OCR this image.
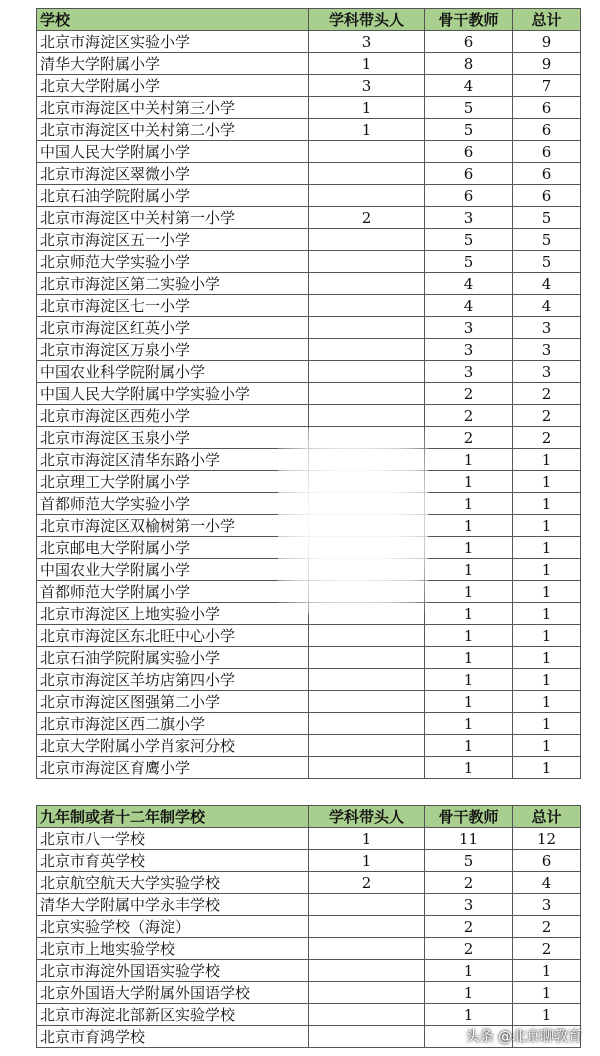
学校	学科带头人	骨干教师	总计
北京市海淀区实验小学	3	6	9
清华大学附属小学	1	8	9
北京大学附属小学	3	4	7
北京市海淀区中关村第三小学	1	5	6
北京市海淀区中关村第二小学	1	5	6
中国人民大学附属小学		6	6
北京市海淀区翠微小学		6	6
北京石油学院附属小学		6	6
北京市海淀区中关村第一小学	2	3	5
北京市海淀区五一小学		5	5
北京师范大学实验小学		5	5
北京市海淀区第二实验小学		4	4
北京市海淀区七一小学		4	4
北京市海淀区红英小学		3	3
北京市海淀区万泉小学		3	3
中国农业科学院附属小学		3	3
中国人民大学附属中学实验小学		2	2
北京市海淀区西苑小学		2	2
北京市海淀区玉泉小学		2	2
北京市海淀区清华东路小学		1	1
北京理工大学附属小学		1	1
首都师范大学实验小学		1	1
北京市海淀区双榆树第一小学		1	1
北京邮电大学附属小学		1	1
中国农业大学附属小学		1	1
首都师范大学附属小学		1	1
北京市海淀区上地实验小学		1	1
北京市海淀区东北旺中心小学		1	1
北京石油学院附属实验小学		1	1
北京市海淀区羊坊店第四小学		1	1
北京市海淀区图强第二小学		1	1
北京市海淀区西二旗小学		1	1
北京大学附属小学肖家河分校		1	1
北京市海淀区育鹰小学		1	1
九年制或者十二年制学校	学科带头人	骨干教师	总计
北京市八一学校	1	11	12
北京市育英学校	1	5	6
北京航空航天大学实验学校	2	2	4
清华大学附属中学永丰学校		3	3
北京实验学校（海淀）		2	2
北京市上地实验学校		2	2
北京市海淀外国语实验学校		1	1
北京外国语大学附属外国语学校		1	1
北京市海淀北部新区实验学校		1	1
北京市育鸿学校				头条 @北京聊教育
